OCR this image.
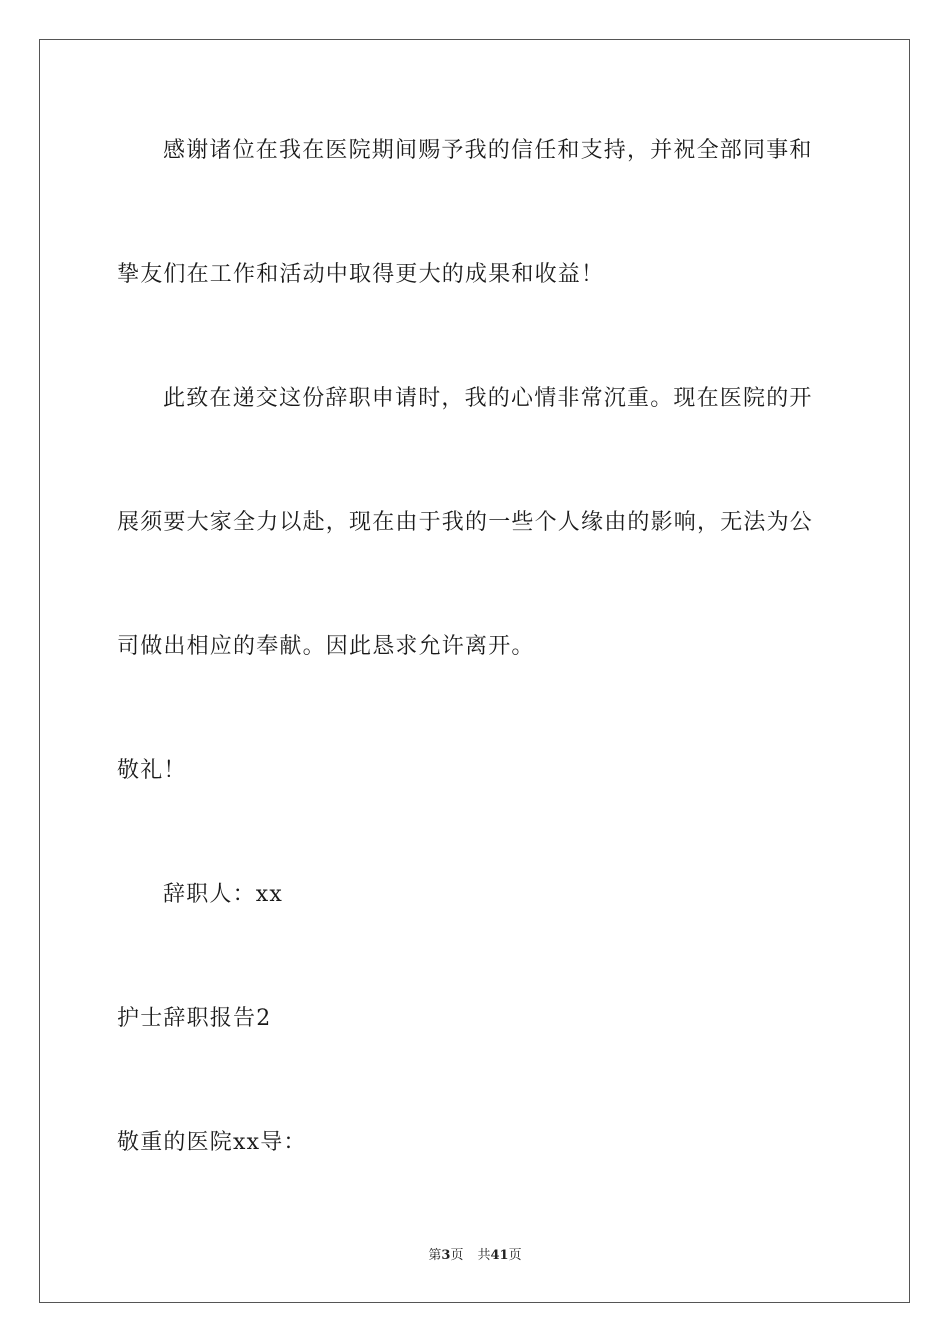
感谢诸位在我在医院期间赐予我的信任和支持，并祝全部同事和
挚友们在工作和活动中取得更大的成果和收益！
此致在递交这份辞职申请时，我的心情非常沉重。现在医院的开
展须要大家全力以赴，现在由于我的一些个人缘由的影响，无法为公
司做出相应的奉献。因此恳求允许离开。
敬礼！
辞职人：xx
护士辞职报告2
敬重的医院xx导：
第3页 共41页
